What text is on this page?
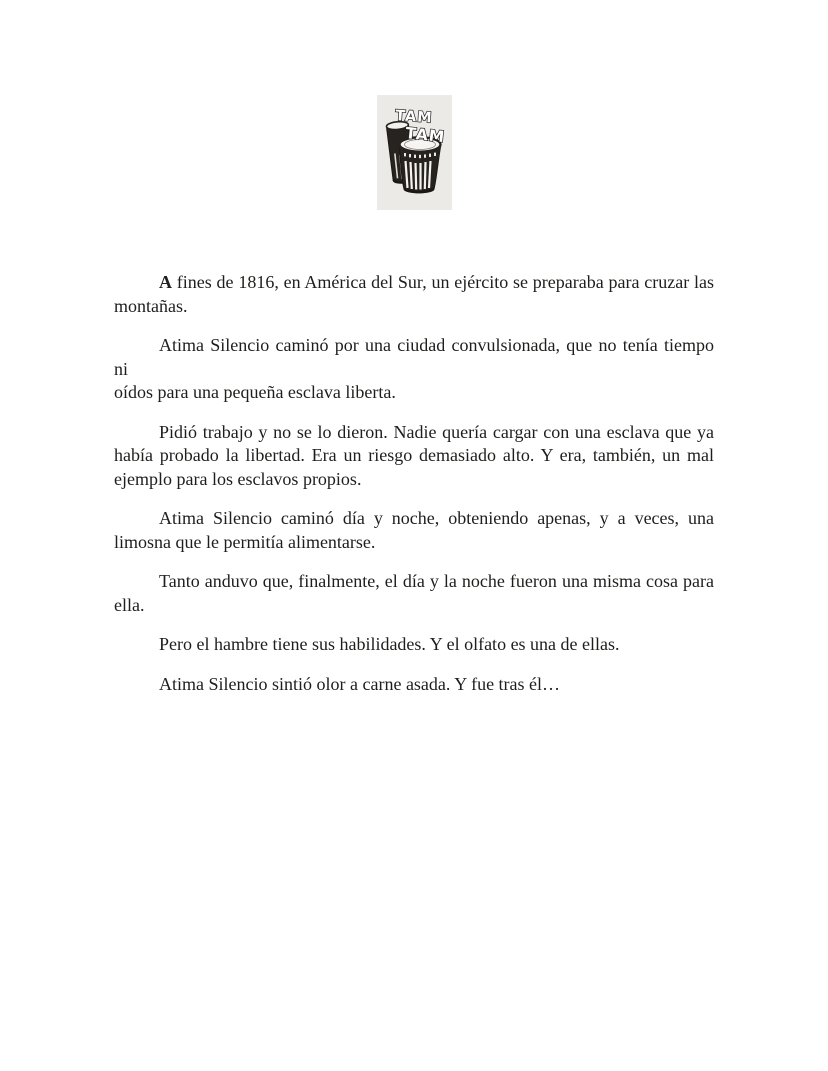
TAM
TAM
A fines de 1816, en América del Sur, un ejército se preparaba para cruzar las
montañas.
Atima Silencio caminó por una ciudad convulsionada, que no tenía tiempo ni
oídos para una pequeña esclava liberta.
Pidió trabajo y no se lo dieron. Nadie quería cargar con una esclava que ya
había probado la libertad. Era un riesgo demasiado alto. Y era, también, un mal
ejemplo para los esclavos propios.
Atima Silencio caminó día y noche, obteniendo apenas, y a veces, una
limosna que le permitía alimentarse.
Tanto anduvo que, finalmente, el día y la noche fueron una misma cosa para
ella.
Pero el hambre tiene sus habilidades. Y el olfato es una de ellas.
Atima Silencio sintió olor a carne asada. Y fue tras él…
